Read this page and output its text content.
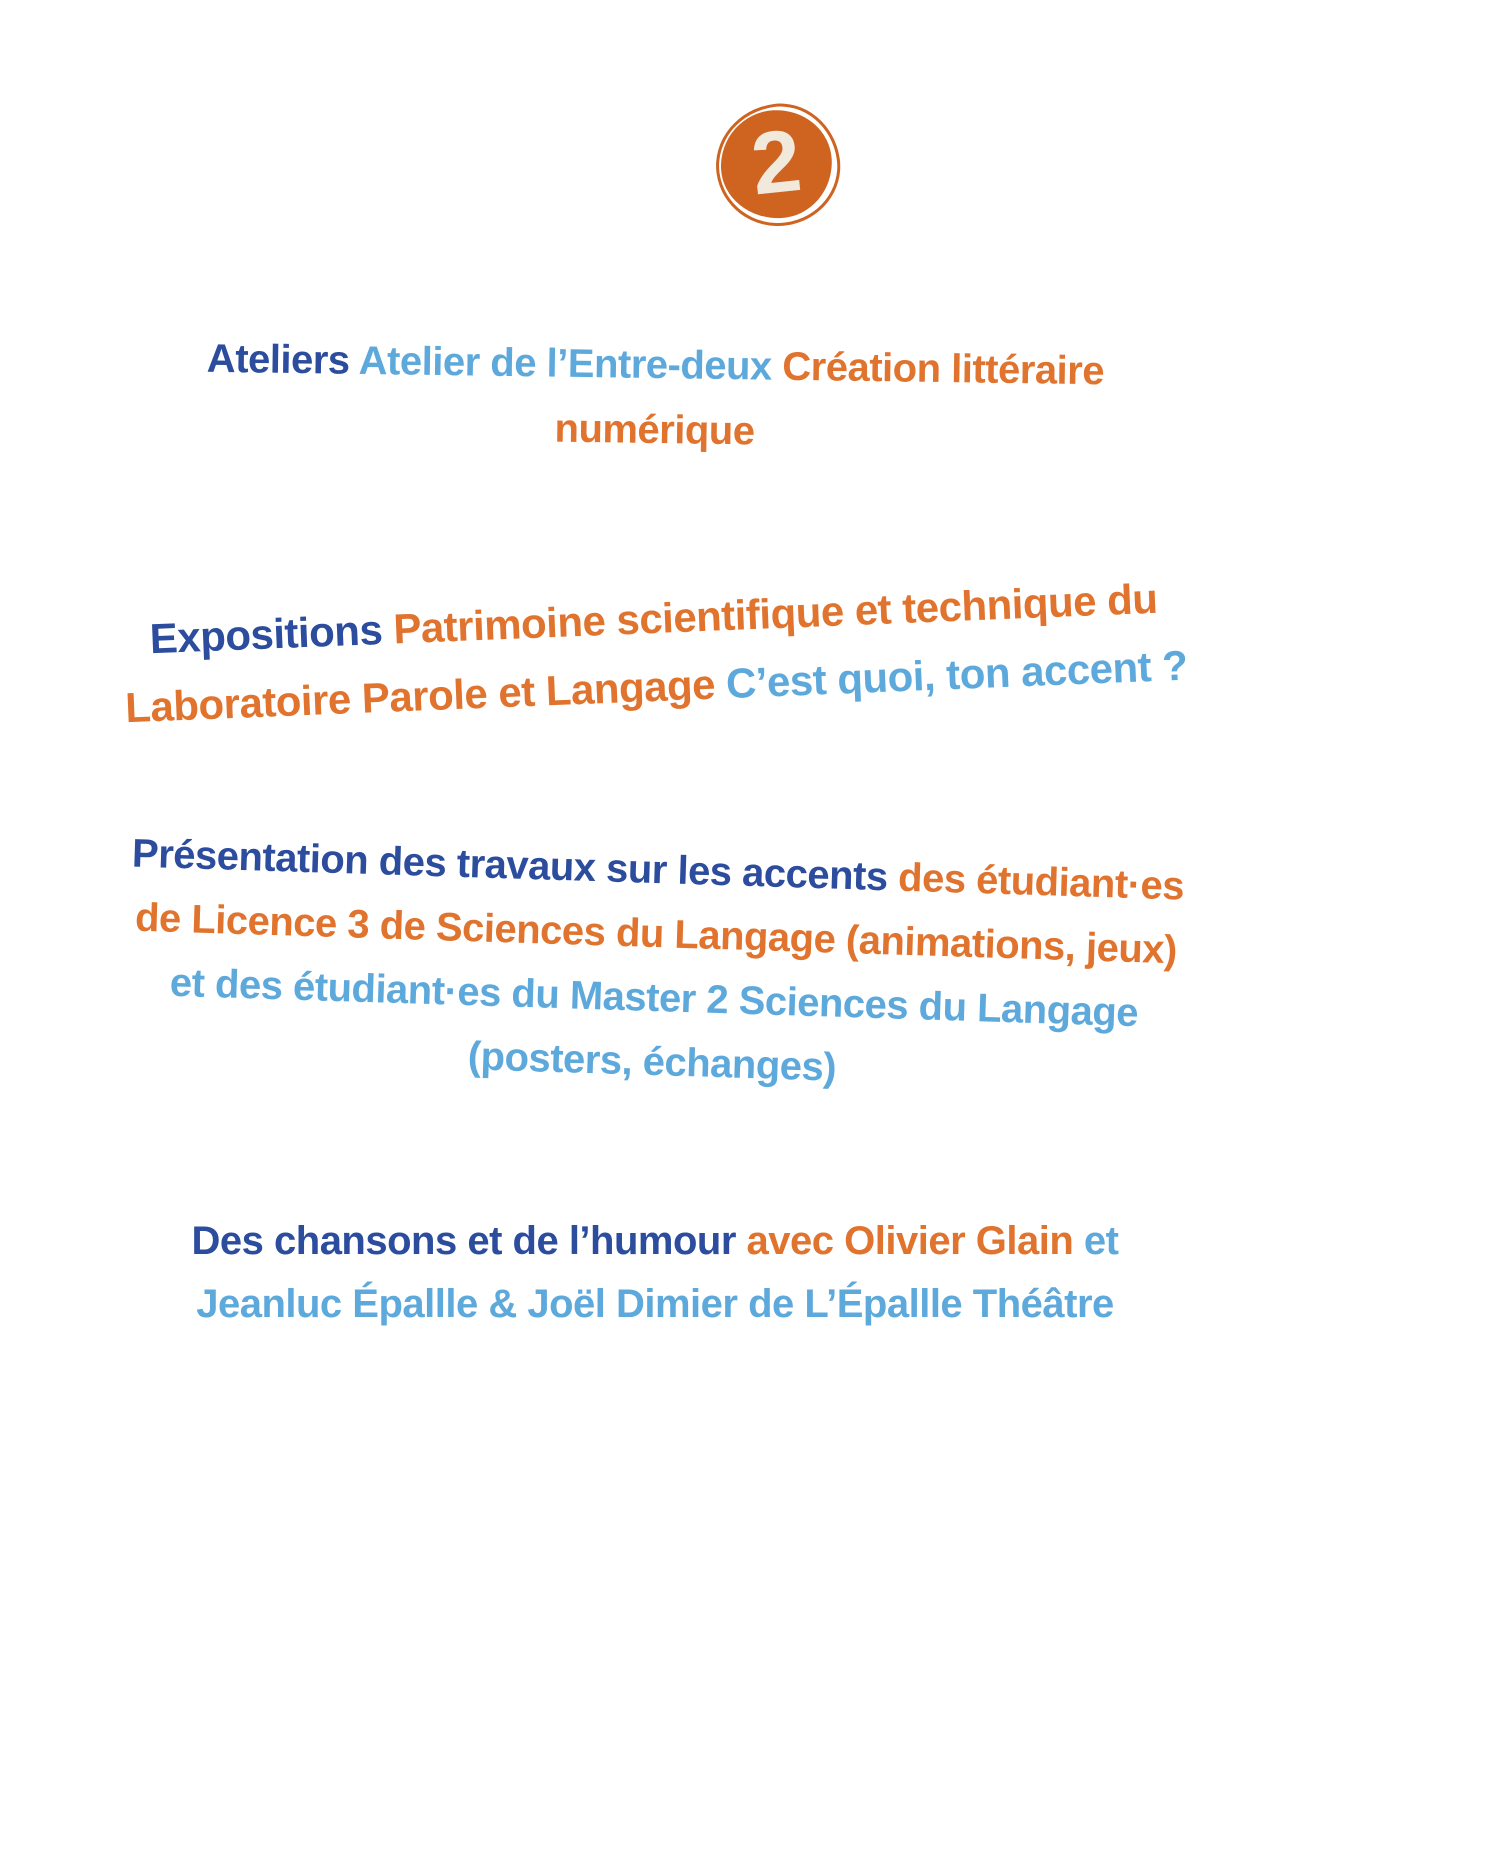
2
Ateliers Atelier de l’Entre-deux Création littéraire
numérique
Expositions Patrimoine scientifique et technique du
Laboratoire Parole et Langage C’est quoi, ton accent ?
Présentation des travaux sur les accents des étudiant·es
de Licence 3 de Sciences du Langage (animations, jeux)
et des étudiant·es du Master 2 Sciences du Langage
(posters, échanges)
Des chansons et de l’humour avec Olivier Glain et
Jeanluc Épallle & Joël Dimier de L’Épallle Théâtre
